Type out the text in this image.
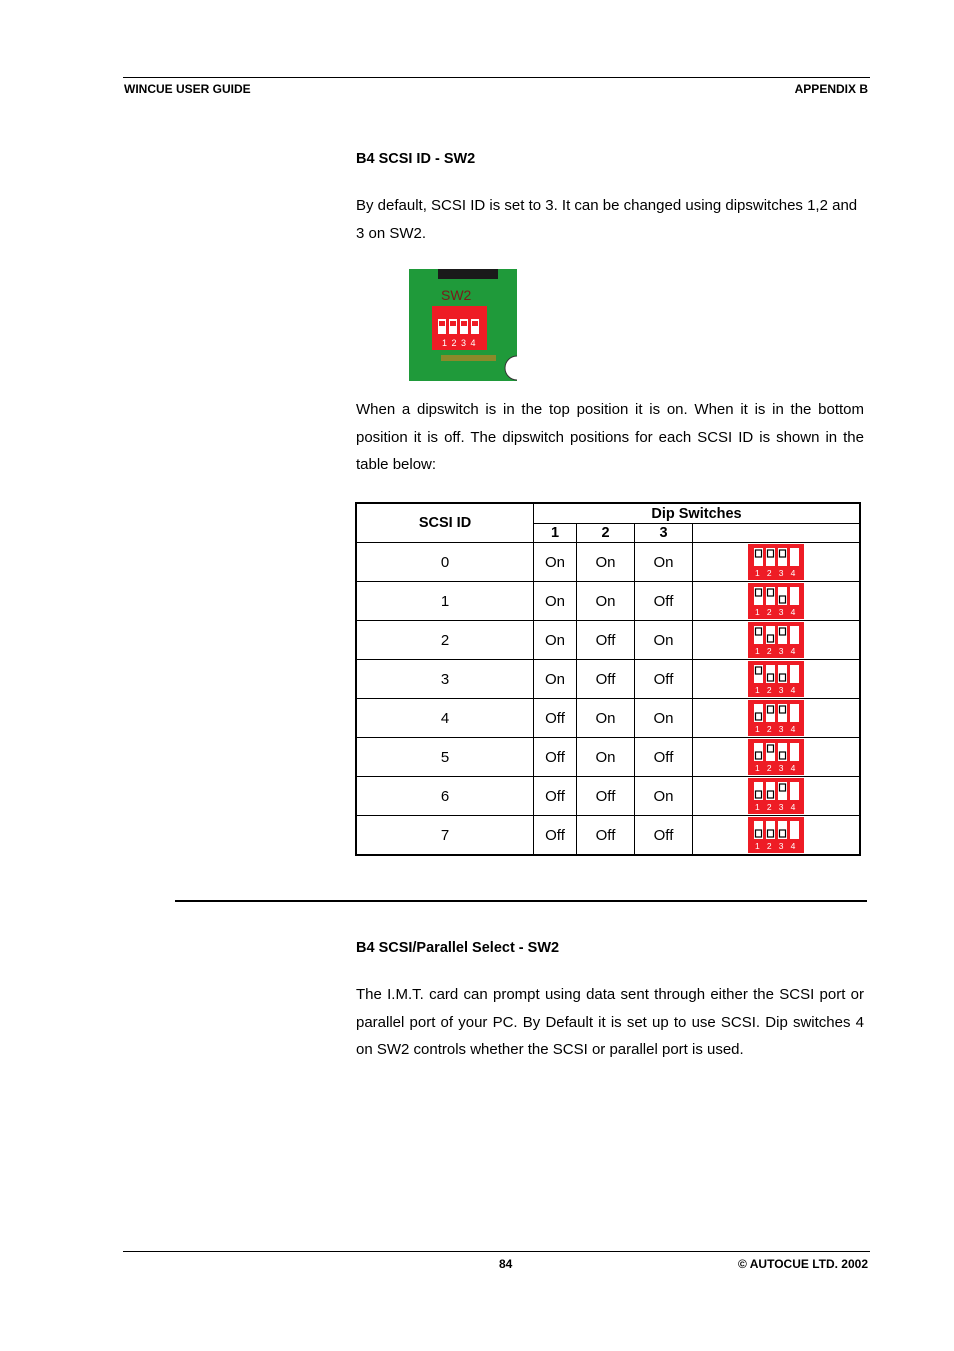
WINCUE USER GUIDE	APPENDIX B
B4 SCSI ID - SW2
By default, SCSI ID is set to 3. It can be changed using dipswitches 1,2 and 3 on SW2.
SW2
1 2 3 4
When a dipswitch is in the top position it is on. When it is in the bottom position it is off. The dipswitch positions for each SCSI ID is shown in the table below:
SCSI ID	Dip Switches			
	1	2	3	
0	On	On	On	1 2 3 4

1	On	On	Off	1 2 3 4

2	On	Off	On	1 2 3 4

3	On	Off	Off	1 2 3 4

4	Off	On	On	1 2 3 4

5	Off	On	Off	1 2 3 4

6	Off	Off	On	1 2 3 4

7	Off	Off	Off	1 2 3 4
B4 SCSI/Parallel Select - SW2
The I.M.T. card can prompt using data sent through either the SCSI port or parallel port of your PC. By Default it is set up to use SCSI. Dip switches 4 on SW2 controls whether the SCSI or parallel port is used.
84	© AUTOCUE LTD. 2002
